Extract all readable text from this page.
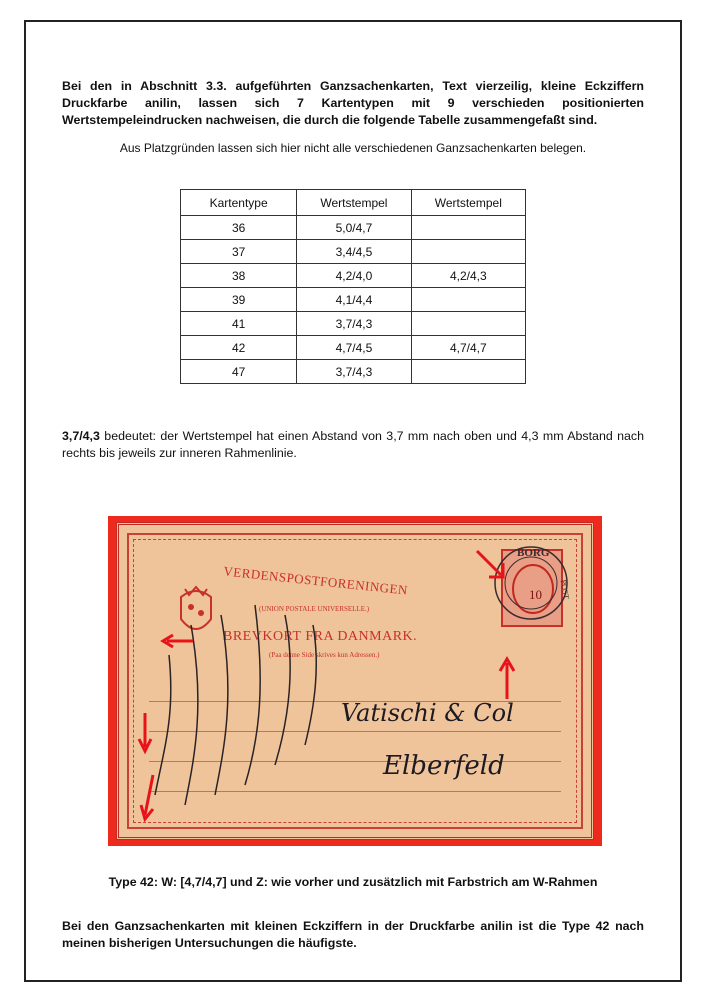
Bei den in Abschnitt 3.3. aufgeführten Ganzsachenkarten, Text vierzeilig, kleine Eckziffern Druckfarbe anilin, lassen sich 7 Kartentypen mit 9 verschieden positionierten Wertstempeleindrucken nachweisen, die durch die folgende Tabelle zusammengefaßt sind.

Aus Platzgründen lassen sich hier nicht alle verschiedenen Ganzsachenkarten belegen.

Kartentype	Wertstempel	Wertstempel
36	5,0/4,7	
37	3,4/4,5	
38	4,2/4,0	4,2/4,3
39	4,1/4,4	
41	3,7/4,3	
42	4,7/4,5	4,7/4,7
47	3,7/4,3	

3,7/4,3 bedeutet: der Wertstempel hat einen Abstand von 3,7 mm nach oben und 4,3 mm Abstand nach rechts bis jeweils zur inneren Rahmenlinie.

VERDENSPOSTFORENINGEN
(UNION POSTALE UNIVERSELLE.)
BREVKORT FRA DANMARK.
(Paa denne Side skrives kun Adressen.)
10
BORG
POST
Vatischi & Col
Elberfeld

Type 42: W: [4,7/4,7] und Z: wie vorher und zusätzlich mit Farbstrich am W-Rahmen

Bei den Ganzsachenkarten mit kleinen Eckziffern in der Druckfarbe anilin ist die Type 42 nach meinen bisherigen Untersuchungen die häufigste.
